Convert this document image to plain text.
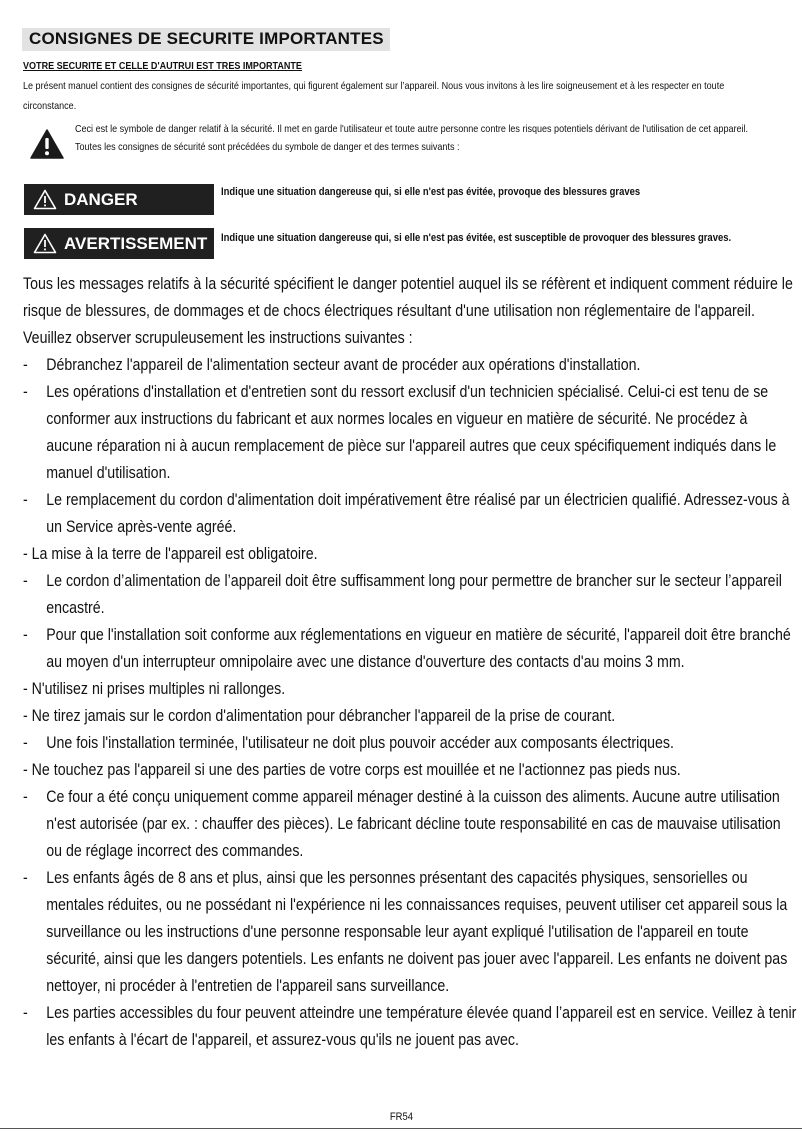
CONSIGNES DE SECURITE IMPORTANTES
VOTRE SECURITE ET CELLE D'AUTRUI EST TRES IMPORTANTE
Le présent manuel contient des consignes de sécurité importantes, qui figurent également sur l’appareil. Nous vous invitons à les lire soigneusement et à les respecter en toute circonstance.
Ceci est le symbole de danger relatif à la sécurité. Il met en garde l'utilisateur et toute autre personne contre les risques potentiels dérivant de l'utilisation de cet appareil.
Toutes les consignes de sécurité sont précédées du symbole de danger et des termes suivants :
DANGER	Indique une situation dangereuse qui, si elle n'est pas évitée, provoque des blessures graves
AVERTISSEMENT Indique une situation dangereuse qui, si elle n'est pas évitée, est susceptible de provoquer des blessures graves.

Tous les messages relatifs à la sécurité spécifient le danger potentiel auquel ils se réfèrent et indiquent comment réduire le risque de blessures, de dommages et de chocs électriques résultant d'une utilisation non réglementaire de l'appareil. Veuillez observer scrupuleusement les instructions suivantes :

-	Débranchez l'appareil de l'alimentation secteur avant de procéder aux opérations d'installation.
-	Les opérations d'installation et d'entretien sont du ressort exclusif d'un technicien spécialisé. Celui-ci est tenu de se conformer aux instructions du fabricant et aux normes locales en vigueur en matière de sécurité. Ne procédez à aucune réparation ni à aucun remplacement de pièce sur l'appareil autres que ceux spécifiquement indiqués dans le manuel d'utilisation.
-	Le remplacement du cordon d'alimentation doit impérativement être réalisé par un électricien qualifié. Adressez-vous à un Service après-vente agréé.

- La mise à la terre de l'appareil est obligatoire.

-	Le cordon d’alimentation de l’appareil doit être suffisamment long pour permettre de brancher sur le secteur l’appareil encastré.
-	Pour que l'installation soit conforme aux réglementations en vigueur en matière de sécurité, l'appareil doit être branché au moyen d'un interrupteur omnipolaire avec une distance d'ouverture des contacts d'au moins 3 mm.

- N'utilisez ni prises multiples ni rallonges.

- Ne tirez jamais sur le cordon d'alimentation pour débrancher l'appareil de la prise de courant.

-	Une fois l'installation terminée, l'utilisateur ne doit plus pouvoir accéder aux composants électriques.

- Ne touchez pas l'appareil si une des parties de votre corps est mouillée et ne l'actionnez pas pieds nus.

-	Ce four a été conçu uniquement comme appareil ménager destiné à la cuisson des aliments. Aucune autre utilisation n'est autorisée (par ex. : chauffer des pièces). Le fabricant décline toute responsabilité en cas de mauvaise utilisation ou de réglage incorrect des commandes.
-	Les enfants âgés de 8 ans et plus, ainsi que les personnes présentant des capacités physiques, sensorielles ou mentales réduites, ou ne possédant ni l'expérience ni les connaissances requises, peuvent utiliser cet appareil sous la surveillance ou les instructions d'une personne responsable leur ayant expliqué l'utilisation de l'appareil en toute sécurité, ainsi que les dangers potentiels. Les enfants ne doivent pas jouer avec l'appareil. Les enfants ne doivent pas nettoyer, ni procéder à l'entretien de l'appareil sans surveillance.
-	Les parties accessibles du four peuvent atteindre une température élevée quand l’appareil est en service. Veillez à tenir les enfants à l'écart de l'appareil, et assurez-vous qu'ils ne jouent pas avec.
FR54
